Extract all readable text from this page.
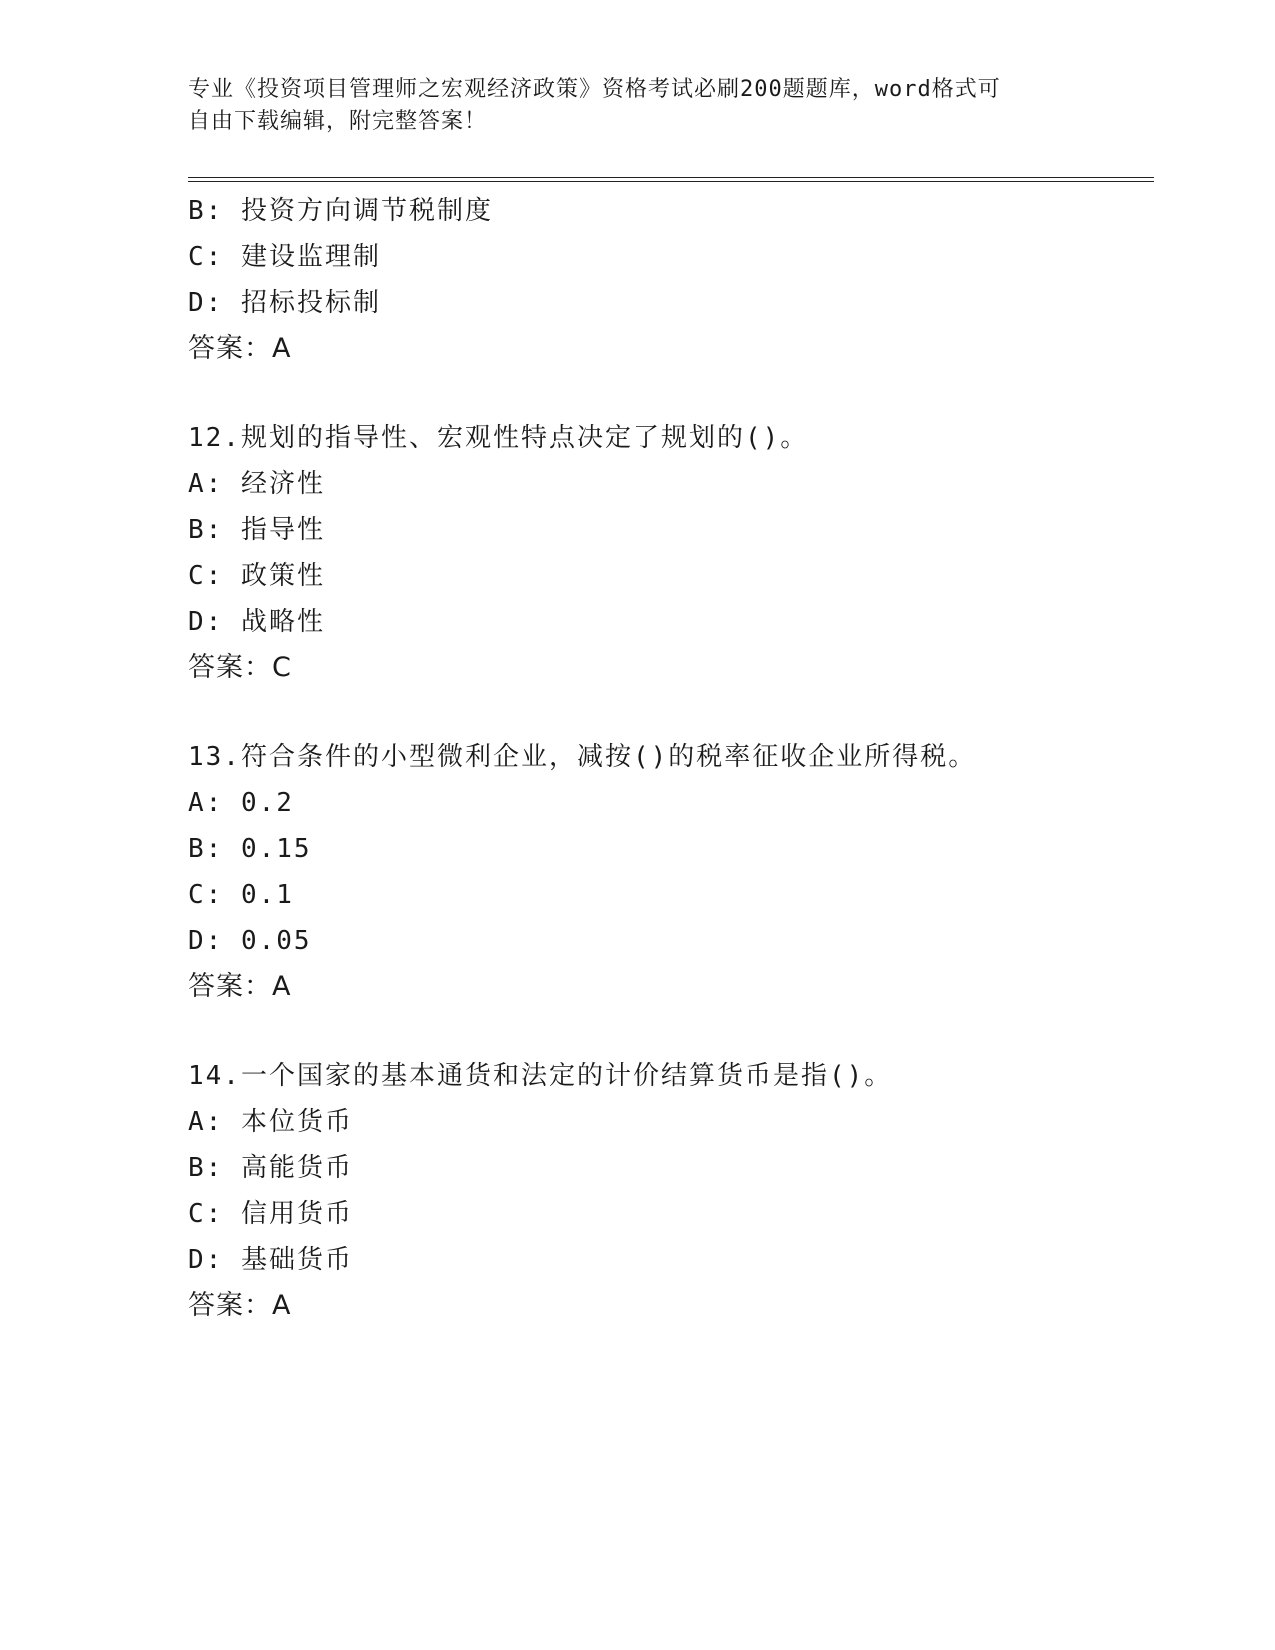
专业《投资项目管理师之宏观经济政策》资格考试必刷200题题库，word格式可
自由下载编辑，附完整答案！
B: 投资方向调节税制度
C: 建设监理制
D: 招标投标制
答案：A
12.规划的指导性、宏观性特点决定了规划的()。
A: 经济性
B: 指导性
C: 政策性
D: 战略性
答案：C
13.符合条件的小型微利企业，减按()的税率征收企业所得税。
A: 0.2
B: 0.15
C: 0.1
D: 0.05
答案：A
14.一个国家的基本通货和法定的计价结算货币是指()。
A: 本位货币
B: 高能货币
C: 信用货币
D: 基础货币
答案：A
